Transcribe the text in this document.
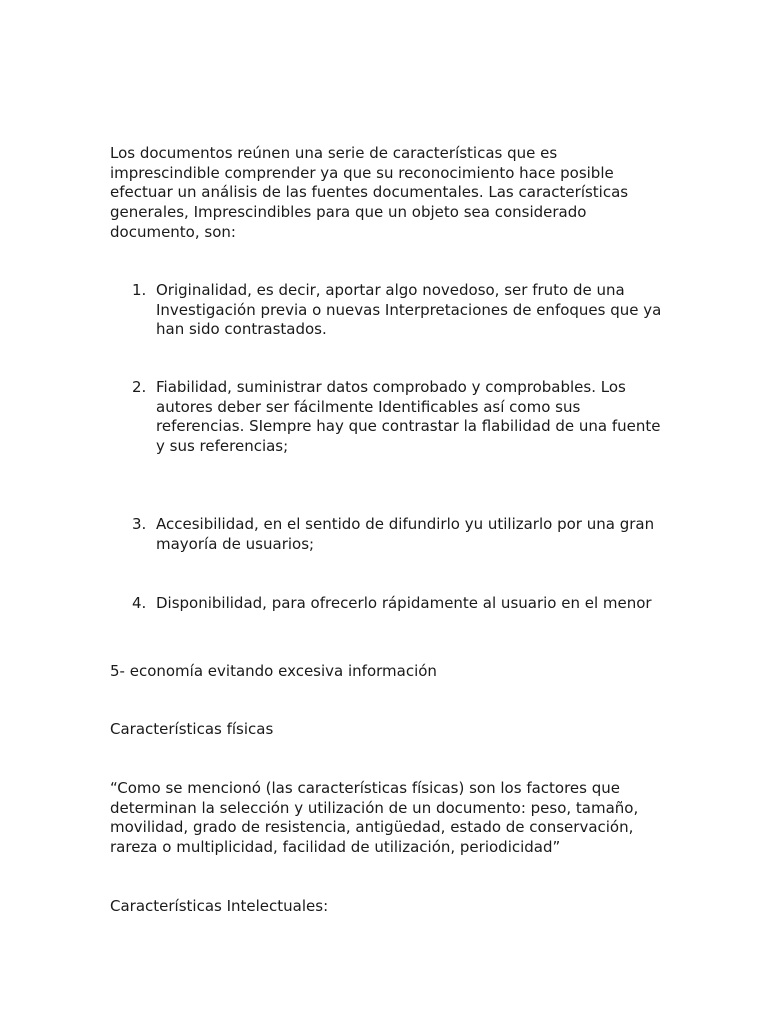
Los documentos reúnen una serie de características que es imprescindible comprender ya que su reconocimiento hace posible efectuar un análisis de las fuentes documentales. Las características generales, Imprescindibles para que un objeto sea considerado documento, son:

1. Originalidad, es decir, aportar algo novedoso, ser fruto de una Investigación previa o nuevas Interpretaciones de enfoques que ya han sido contrastados.

2. Fiabilidad, suministrar datos comprobado y comprobables. Los autores deber ser fácilmente Identificables así como sus referencias. SIempre hay que contrastar la flabilidad de una fuente y sus referencias;

3. Accesibilidad, en el sentido de difundirlo yu utilizarlo por una gran mayoría de usuarios;

4. Disponibilidad, para ofrecerlo rápidamente al usuario en el menor

5- economía evitando excesiva información

Características físicas

“Como se mencionó (las características físicas) son los factores que determinan la selección y utilización de un documento: peso, tamaño, movilidad, grado de resistencia, antigüedad, estado de conservación, rareza o multiplicidad, facilidad de utilización, periodicidad”

Características Intelectuales:
